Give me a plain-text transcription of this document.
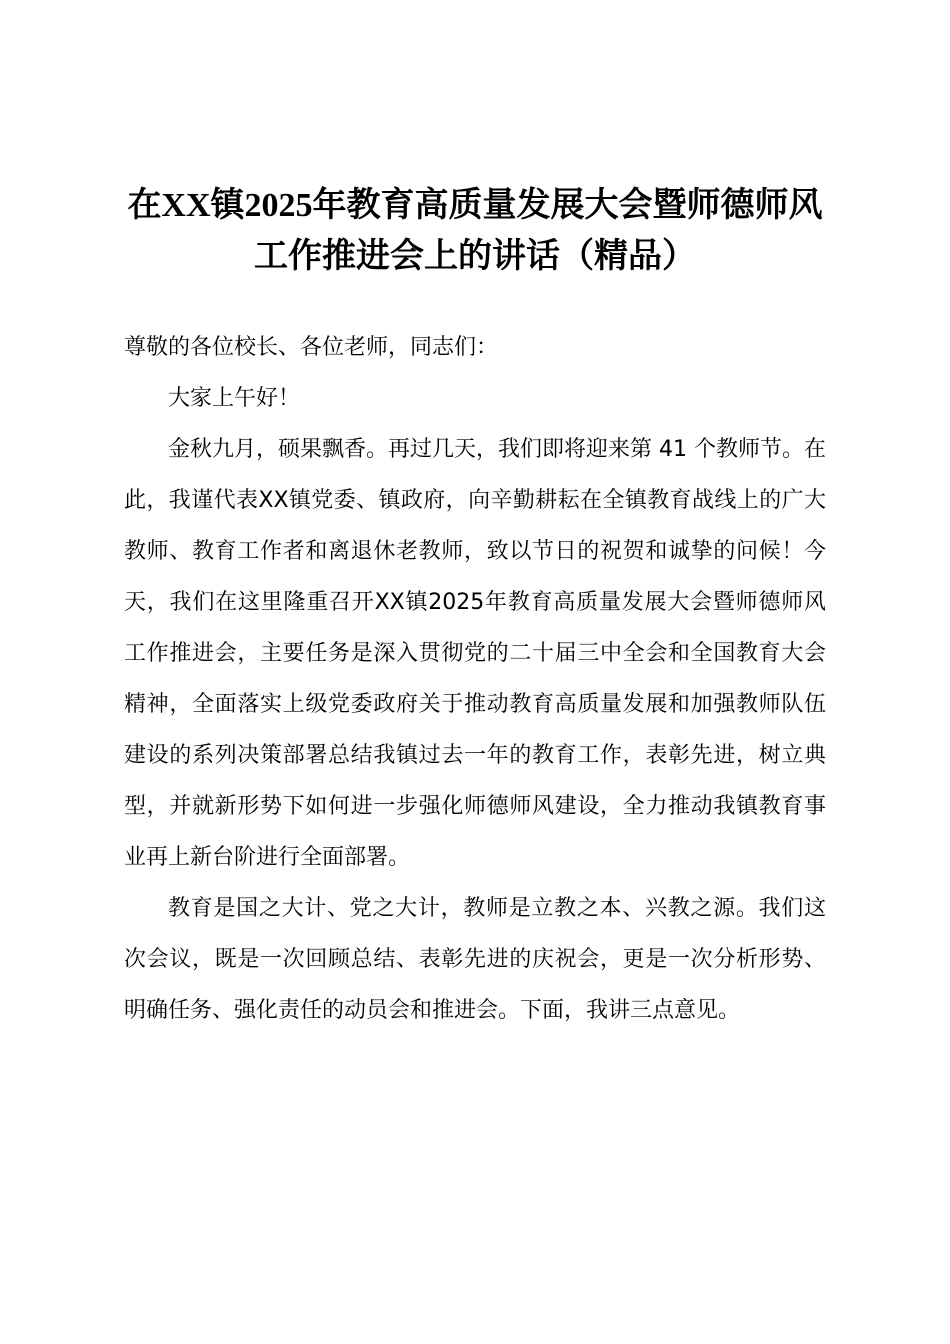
在XX镇2025年教育高质量发展大会暨师德师风工作推进会上的讲话（精品）

尊敬的各位校长、各位老师，同志们：

大家上午好！

金秋九月，硕果飘香。再过几天，我们即将迎来第 41 个教师节。在此，我谨代表XX镇党委、镇政府，向辛勤耕耘在全镇教育战线上的广大教师、教育工作者和离退休老教师，致以节日的祝贺和诚挚的问候！今天，我们在这里隆重召开XX镇2025年教育高质量发展大会暨师德师风工作推进会，主要任务是深入贯彻党的二十届三中全会和全国教育大会精神，全面落实上级党委政府关于推动教育高质量发展和加强教师队伍建设的系列决策部署总结我镇过去一年的教育工作，表彰先进，树立典型，并就新形势下如何进一步强化师德师风建设，全力推动我镇教育事业再上新台阶进行全面部署。

教育是国之大计、党之大计，教师是立教之本、兴教之源。我们这次会议，既是一次回顾总结、表彰先进的庆祝会，更是一次分析形势、明确任务、强化责任的动员会和推进会。下面，我讲三点意见。
